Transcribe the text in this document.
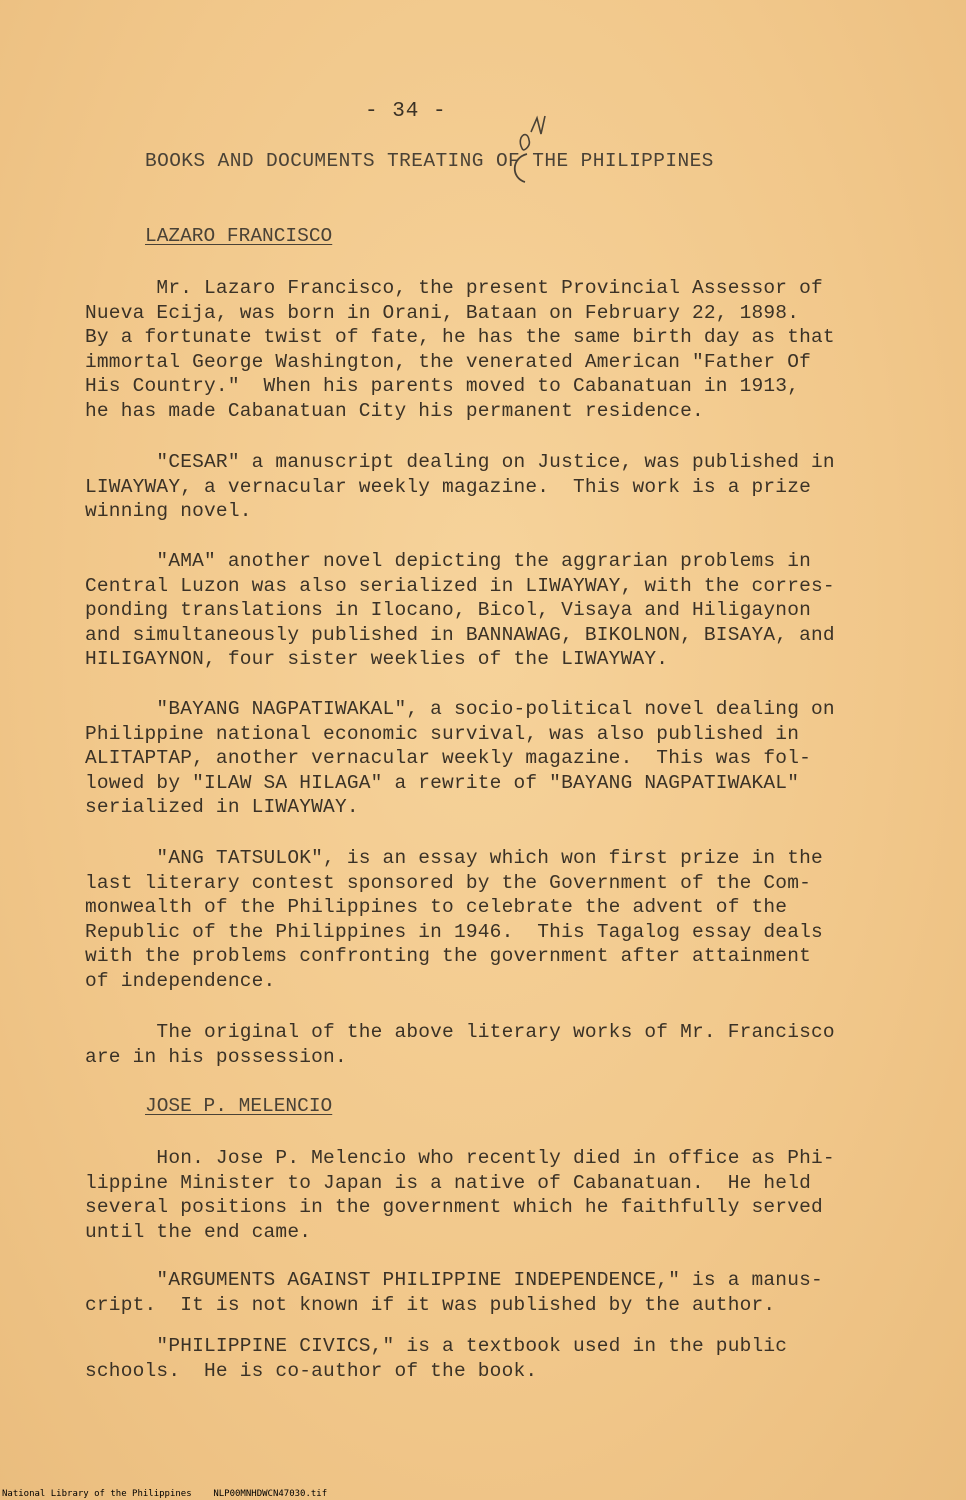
- 34 -
BOOKS AND DOCUMENTS TREATING OF THE PHILIPPINES
LAZARO FRANCISCO
Mr. Lazaro Francisco, the present Provincial Assessor of
Nueva Ecija, was born in Orani, Bataan on February 22, 1898.
By a fortunate twist of fate, he has the same birth day as that
immortal George Washington, the venerated American "Father Of
His Country."  When his parents moved to Cabanatuan in 1913,
he has made Cabanatuan City his permanent residence.
"CESAR" a manuscript dealing on Justice, was published in
LIWAYWAY, a vernacular weekly magazine.  This work is a prize
winning novel.
"AMA" another novel depicting the aggrarian problems in
Central Luzon was also serialized in LIWAYWAY, with the corres-
ponding translations in Ilocano, Bicol, Visaya and Hiligaynon
and simultaneously published in BANNAWAG, BIKOLNON, BISAYA, and
HILIGAYNON, four sister weeklies of the LIWAYWAY.
"BAYANG NAGPATIWAKAL", a socio-political novel dealing on
Philippine national economic survival, was also published in
ALITAPTAP, another vernacular weekly magazine.  This was fol-
lowed by "ILAW SA HILAGA" a rewrite of "BAYANG NAGPATIWAKAL"
serialized in LIWAYWAY.
"ANG TATSULOK", is an essay which won first prize in the
last literary contest sponsored by the Government of the Com-
monwealth of the Philippines to celebrate the advent of the
Republic of the Philippines in 1946.  This Tagalog essay deals
with the problems confronting the government after attainment
of independence.
The original of the above literary works of Mr. Francisco
are in his possession.
JOSE P. MELENCIO
Hon. Jose P. Melencio who recently died in office as Phi-
lippine Minister to Japan is a native of Cabanatuan.  He held
several positions in the government which he faithfully served
until the end came.
"ARGUMENTS AGAINST PHILIPPINE INDEPENDENCE," is a manus-
cript.  It is not known if it was published by the author.
"PHILIPPINE CIVICS," is a textbook used in the public
schools.  He is co-author of the book.
National Library of the Philippines NLP00MNHDWCN47030.tif
